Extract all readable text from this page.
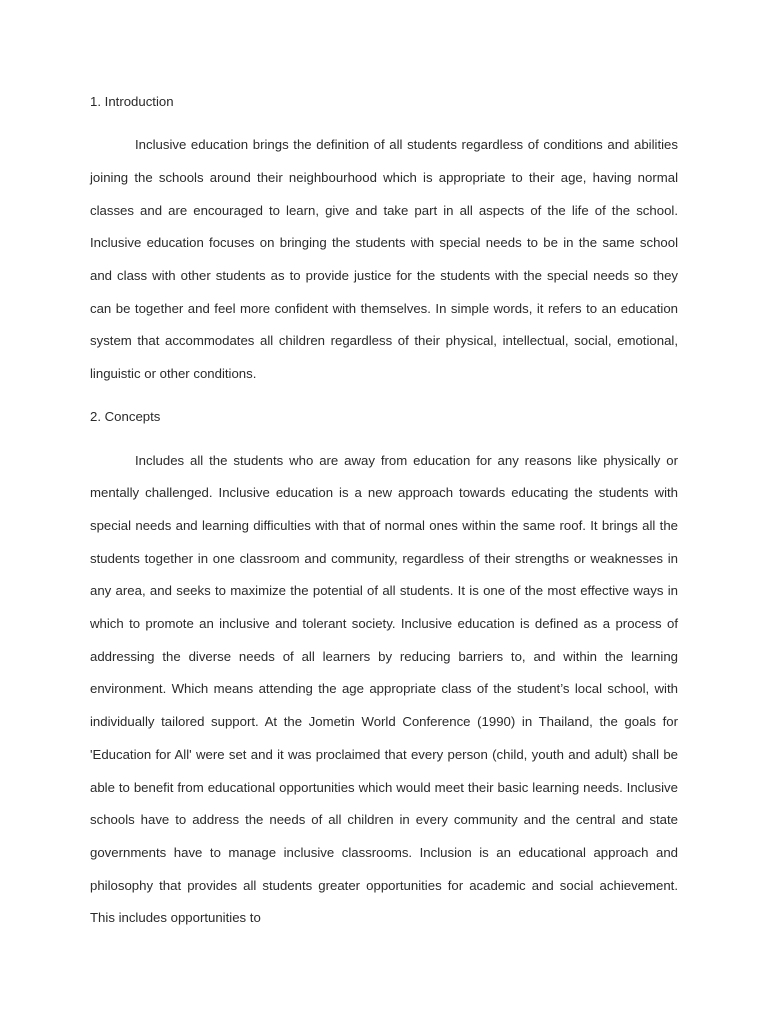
1. Introduction

Inclusive education brings the definition of all students regardless of conditions and abilities joining the schools around their neighbourhood which is appropriate to their age, having normal classes and are encouraged to learn, give and take part in all aspects of the life of the school. Inclusive education focuses on bringing the students with special needs to be in the same school and class with other students as to provide justice for the students with the special needs so they can be together and feel more confident with themselves. In simple words, it refers to an education system that accommodates all children regardless of their physical, intellectual, social, emotional, linguistic or other conditions.

2. Concepts

Includes all the students who are away from education for any reasons like physically or mentally challenged. Inclusive education is a new approach towards educating the students with special needs and learning difficulties with that of normal ones within the same roof. It brings all the students together in one classroom and community, regardless of their strengths or weaknesses in any area, and seeks to maximize the potential of all students. It is one of the most effective ways in which to promote an inclusive and tolerant society. Inclusive education is defined as a process of addressing the diverse needs of all learners by reducing barriers to, and within the learning environment. Which means attending the age appropriate class of the student’s local school, with individually tailored support. At the Jometin World Conference (1990) in Thailand, the goals for 'Education for All' were set and it was proclaimed that every person (child, youth and adult) shall be able to benefit from educational opportunities which would meet their basic learning needs. Inclusive schools have to address the needs of all children in every community and the central and state governments have to manage inclusive classrooms. Inclusion is an educational approach and philosophy that provides all students greater opportunities for academic and social achievement. This includes opportunities to
